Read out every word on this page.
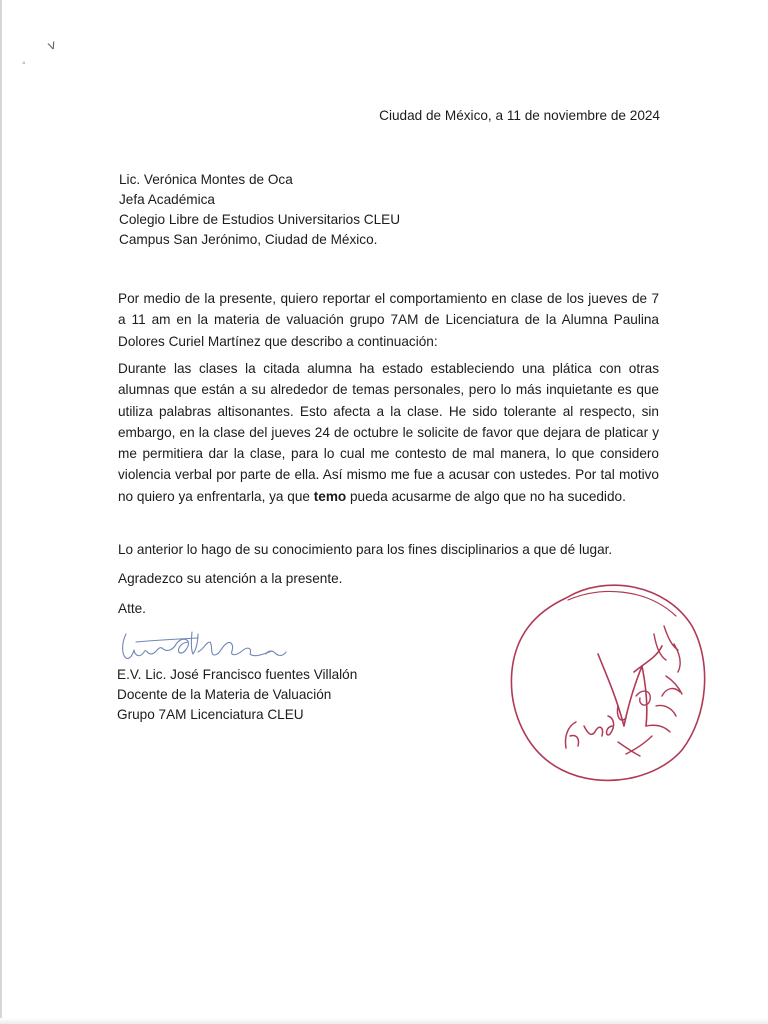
˅
◦
Ciudad de México, a 11 de noviembre de 2024
Lic. Verónica Montes de Oca
Jefa Académica
Colegio Libre de Estudios Universitarios CLEU
Campus San Jerónimo, Ciudad de México.

Por medio de la presente, quiero reportar el comportamiento en clase de los jueves de 7 a 11 am en la materia de valuación grupo 7AM de Licenciatura de la Alumna Paulina Dolores Curiel Martínez que describo a continuación:

Durante las clases la citada alumna ha estado estableciendo una plática con otras alumnas que están a su alrededor de temas personales, pero lo más inquietante es que utiliza palabras altisonantes. Esto afecta a la clase. He sido tolerante al respecto, sin embargo, en la clase del jueves 24 de octubre le solicite de favor que dejara de platicar y me permitiera dar la clase, para lo cual me contesto de mal manera, lo que considero violencia verbal por parte de ella. Así mismo me fue a acusar con ustedes. Por tal motivo no quiero ya enfrentarla, ya que temo pueda acusarme de algo que no ha sucedido.

Lo anterior lo hago de su conocimiento para los fines disciplinarios a que dé lugar.
Agradezco su atención a la presente.
Atte.
E.V. Lic. José Francisco fuentes Villalón
Docente de la Materia de Valuación
Grupo 7AM Licenciatura CLEU
